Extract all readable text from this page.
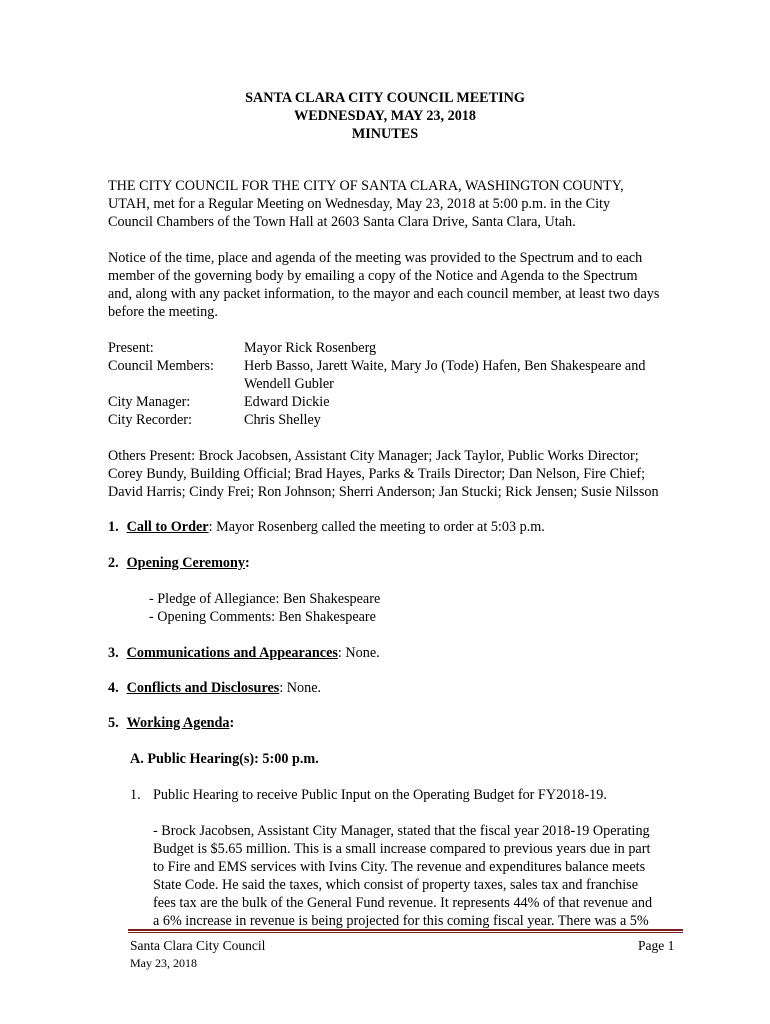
SANTA CLARA CITY COUNCIL MEETING

WEDNESDAY, MAY 23, 2018

MINUTES

THE CITY COUNCIL FOR THE CITY OF SANTA CLARA, WASHINGTON COUNTY,

UTAH, met for a Regular Meeting on Wednesday, May 23, 2018 at 5:00 p.m. in the City

Council Chambers of the Town Hall at 2603 Santa Clara Drive, Santa Clara, Utah.

Notice of the time, place and agenda of the meeting was provided to the Spectrum and to each

member of the governing body by emailing a copy of the Notice and Agenda to the Spectrum

and, along with any packet information, to the mayor and each council member, at least two days

before the meeting.

Present:	Mayor Rick Rosenberg

Council Members: Herb Basso, Jarett Waite, Mary Jo (Tode) Hafen, Ben Shakespeare and

Wendell Gubler

City Manager:	Edward Dickie

City Recorder:	Chris Shelley

Others Present: Brock Jacobsen, Assistant City Manager; Jack Taylor, Public Works Director;

Corey Bundy, Building Official; Brad Hayes, Parks & Trails Director; Dan Nelson, Fire Chief;

David Harris; Cindy Frei; Ron Johnson; Sherri Anderson; Jan Stucki; Rick Jensen; Susie Nilsson

1. Call to Order: Mayor Rosenberg called the meeting to order at 5:03 p.m.

2. Opening Ceremony:

- Pledge of Allegiance: Ben Shakespeare

- Opening Comments: Ben Shakespeare

3. Communications and Appearances: None.

4. Conflicts and Disclosures: None.

5. Working Agenda:

A. Public Hearing(s): 5:00 p.m.

1. Public Hearing to receive Public Input on the Operating Budget for FY2018-19.

- Brock Jacobsen, Assistant City Manager, stated that the fiscal year 2018-19 Operating

Budget is $5.65 million. This is a small increase compared to previous years due in part

to Fire and EMS services with Ivins City. The revenue and expenditures balance meets

State Code. He said the taxes, which consist of property taxes, sales tax and franchise

fees tax are the bulk of the General Fund revenue. It represents 44% of that revenue and

a 6% increase in revenue is being projected for this coming fiscal year. There was a 5%

Santa Clara City Council	Page 1

May 23, 2018
